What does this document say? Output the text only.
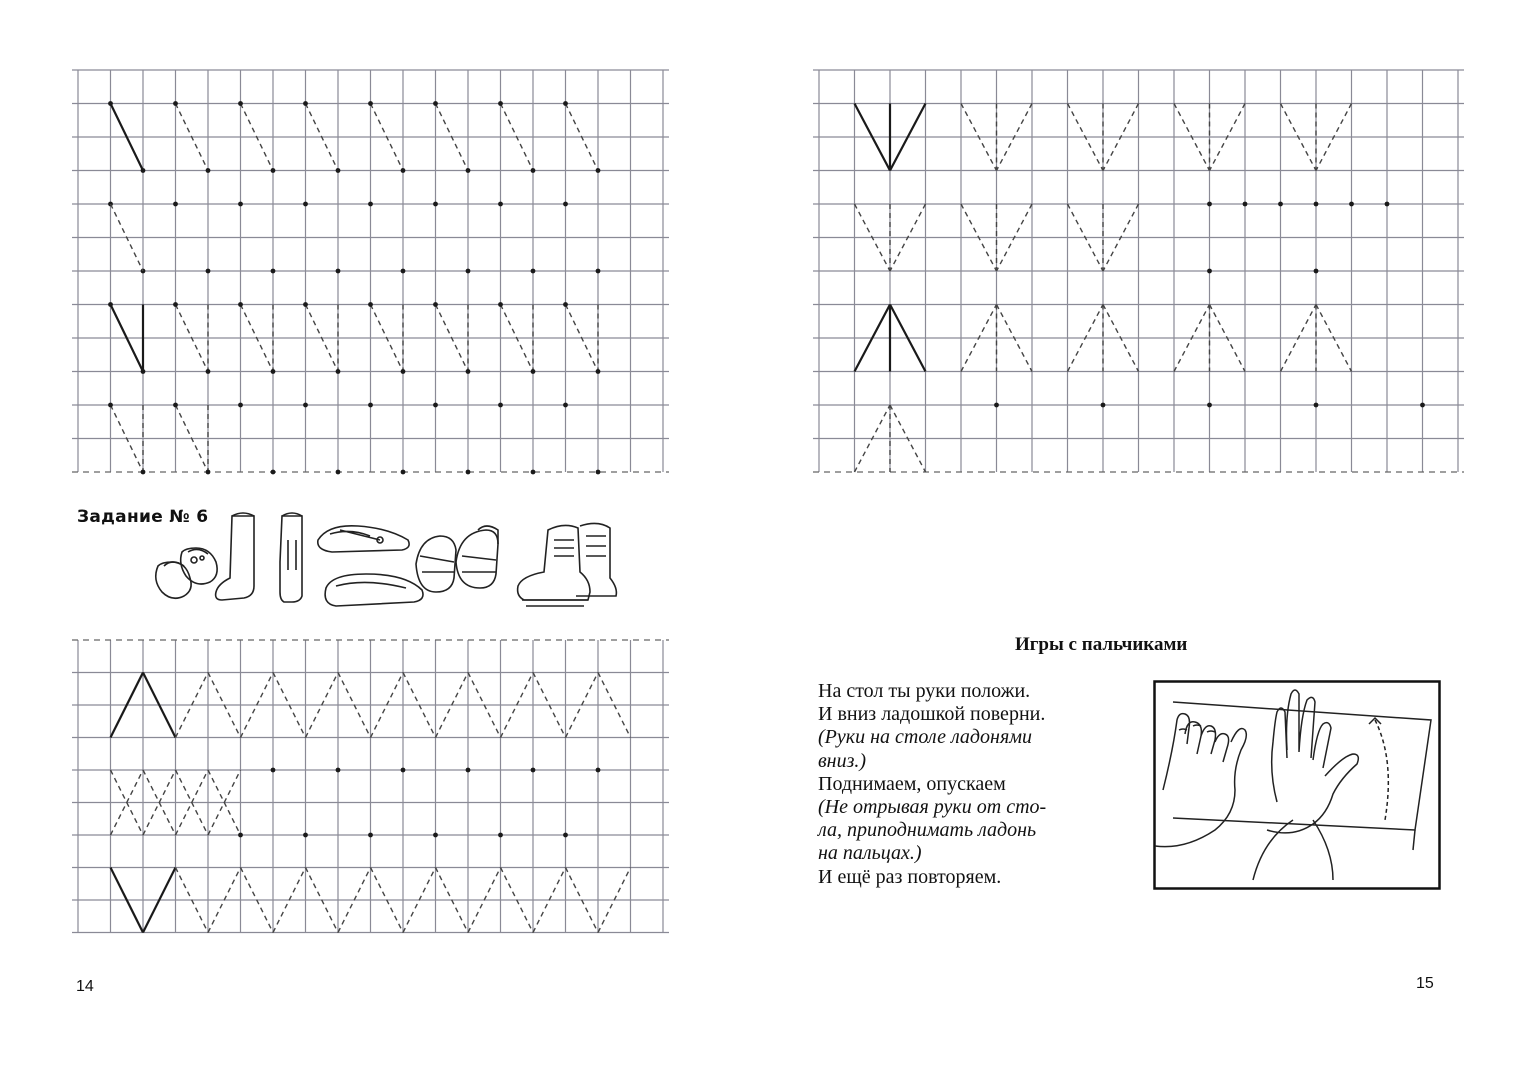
Задание № 6
14
Игры с пальчиками
На стол ты руки положи.
И вниз ладошкой поверни.
(Руки на столе ладонями
вниз.)
Поднимаем, опускаем
(Не отрывая руки от сто-
ла, приподнимать ладонь
на пальцах.)
И ещё раз повторяем.
15
